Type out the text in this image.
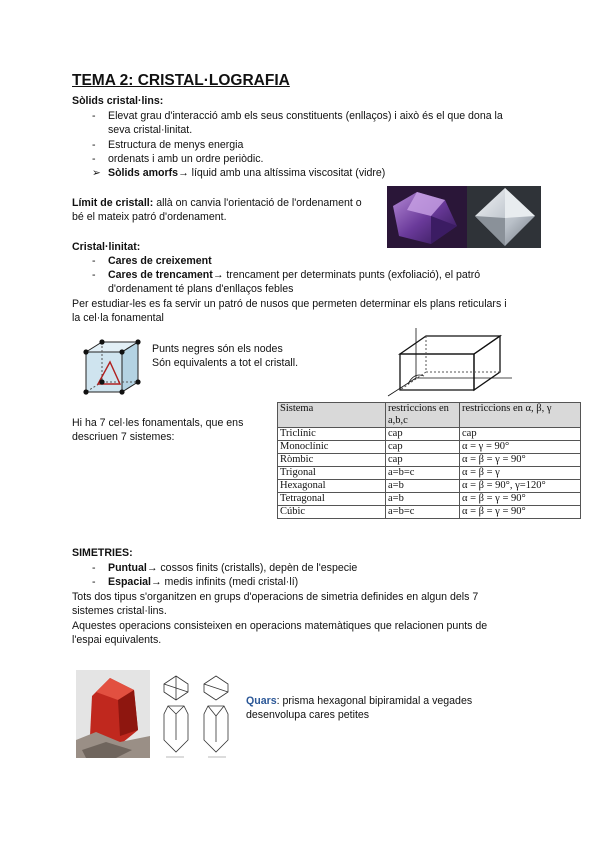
TEMA 2: CRISTAL·LOGRAFIA
Sòlids cristal·lins:
- Elevat grau d'interacció amb els seus constituents (enllaços) i això és el que dona la
seva cristal·linitat.
- Estructura de menys energia
- ordenats i amb un ordre periòdic.
➢ Sòlids amorfs→ líquid amb una altíssima viscositat (vidre)
Límit de cristall: allà on canvia l'orientació de l'ordenament o
bé el mateix patró d'ordenament.
Cristal·linitat:
- Cares de creixement
- Cares de trencament→ trencament per determinats punts (exfoliació), el patró
d'ordenament té plans d'enllaços febles
Per estudiar-les es fa servir un patró de nusos que permeten determinar els plans reticulars i
la cel·la fonamental
Punts negres són els nodes
Són equivalents a tot el cristall.
Hi ha 7 cel·les fonamentals, que ens
descriuen 7 sistemes:
Sistema	restriccions en a,b,c	restriccions en α, β, γ
Triclínic	cap	cap
Monoclínic	cap	α = γ = 90°
Ròmbic	cap	α = β = γ = 90°
Trigonal	a=b=c	α = β = γ
Hexagonal	a=b	α = β = 90°, γ=120°
Tetragonal	a=b	α = β = γ = 90°
Cúbic	a=b=c	α = β = γ = 90°
SIMETRIES:
- Puntual→ cossos finits (cristalls), depèn de l'especie
- Espacial→ medis infinits (medi cristal·lí)
Tots dos tipus s'organitzen en grups d'operacions de simetria definides en algun dels 7
sistemes cristal·lins.
Aquestes operacions consisteixen en operacions matemàtiques que relacionen punts de
l'espai equivalents.
Quars: prisma hexagonal bipiramidal a vegades
desenvolupa cares petites
